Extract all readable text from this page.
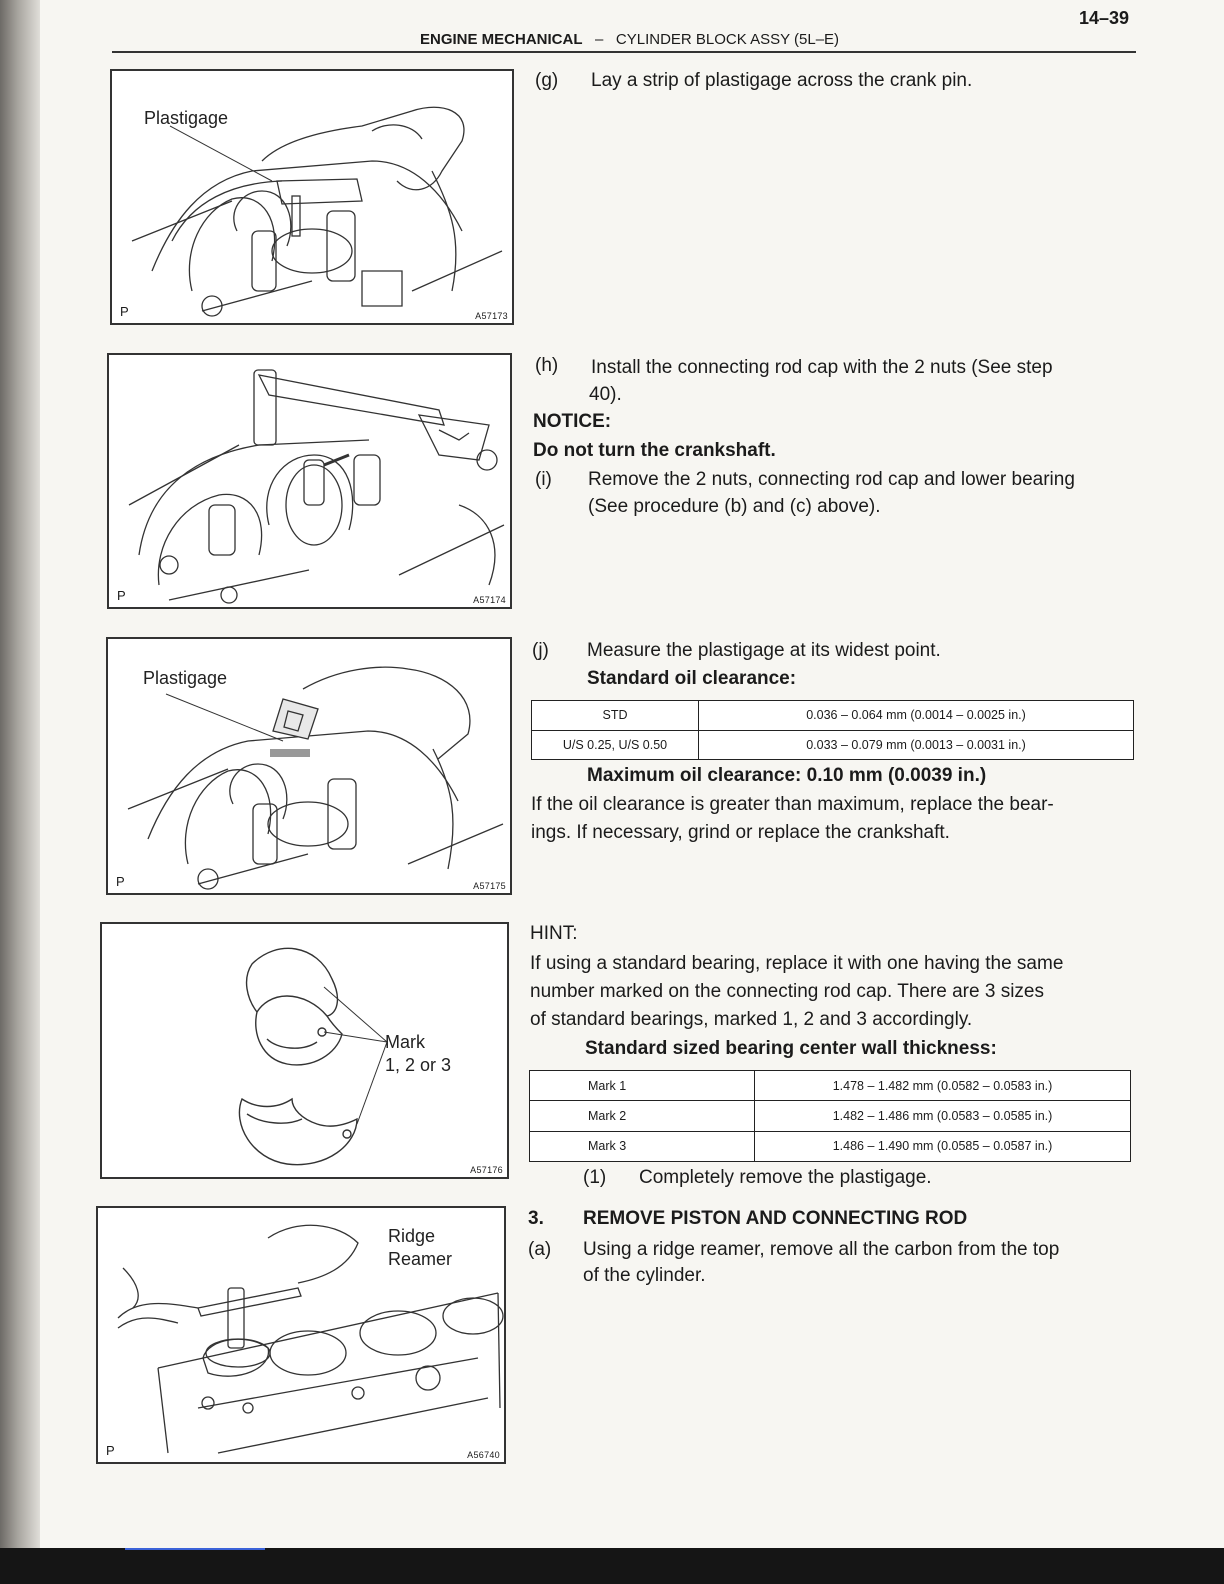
14–39
ENGINE MECHANICAL – CYLINDER BLOCK ASSY (5L–E)
Plastigage
P	A57173
P	A57174
Plastigage
P	A57175
Mark
1, 2 or 3
A57176
Ridge
Reamer
P	A56740
(g) Lay a strip of plastigage across the crank pin.
(h) Install the connecting rod cap with the 2 nuts (See step
40).
NOTICE:
Do not turn the crankshaft.
(i) Remove the 2 nuts, connecting rod cap and lower bearing
(See procedure (b) and (c) above).
(j) Measure the plastigage at its widest point.
Standard oil clearance:
STD	0.036 – 0.064 mm (0.0014 – 0.0025 in.)
U/S 0.25, U/S 0.50	0.033 – 0.079 mm (0.0013 – 0.0031 in.)
Maximum oil clearance: 0.10 mm (0.0039 in.)
If the oil clearance is greater than maximum, replace the bear-
ings. If necessary, grind or replace the crankshaft.
HINT:
If using a standard bearing, replace it with one having the same
number marked on the connecting rod cap. There are 3 sizes
of standard bearings, marked 1, 2 and 3 accordingly.
Standard sized bearing center wall thickness:
Mark 1	1.478 – 1.482 mm (0.0582 – 0.0583 in.)
Mark 2	1.482 – 1.486 mm (0.0583 – 0.0585 in.)
Mark 3	1.486 – 1.490 mm (0.0585 – 0.0587 in.)
(1) Completely remove the plastigage.
3. REMOVE PISTON AND CONNECTING ROD
(a) Using a ridge reamer, remove all the carbon from the top
of the cylinder.
